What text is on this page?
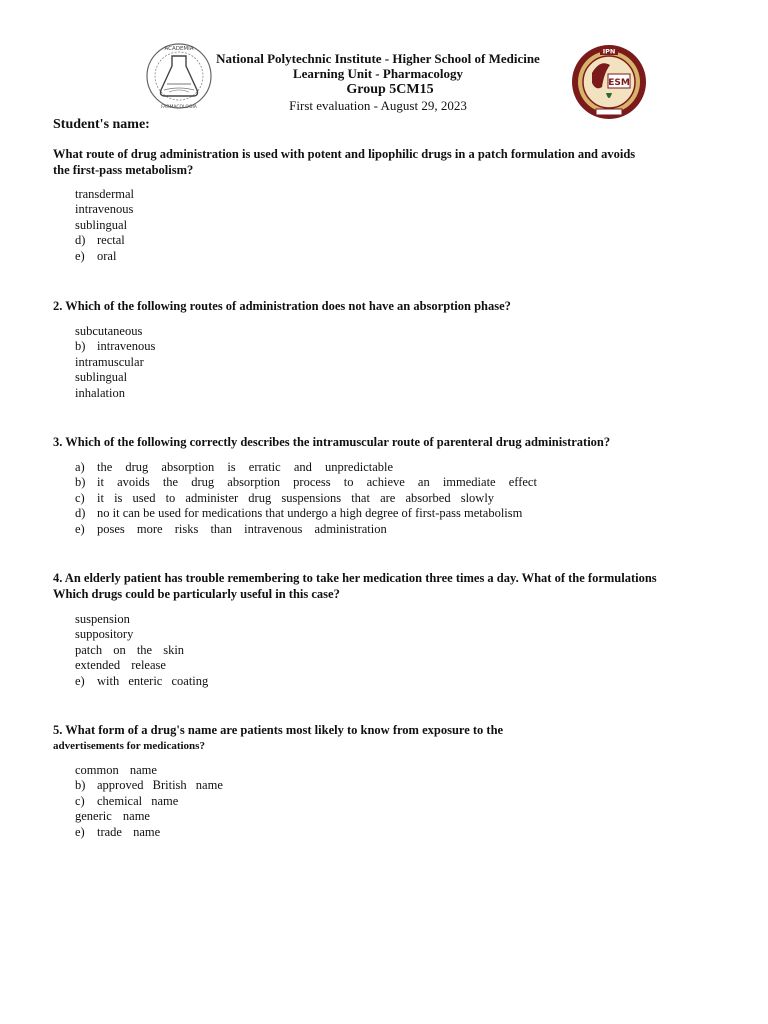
ACADEMIA
FARMACOLOGIA
National Polytechnic Institute - Higher School of Medicine
Learning Unit - Pharmacology
Group 5CM15
First evaluation - August 29, 2023
IPN
ESM
Student's name:
What route of drug administration is used with potent and lipophilic drugs in a patch formulation and avoids
the first-pass metabolism?
transdermal
intravenous
sublingual
d) rectal
e) oral
2. Which of the following routes of administration does not have an absorption phase?
subcutaneous
b) intravenous
intramuscular
sublingual
inhalation
3. Which of the following correctly describes the intramuscular route of parenteral drug administration?
a) the drug absorption is erratic and unpredictable
b) it avoids the drug absorption process to achieve an immediate effect
c) it is used to administer drug suspensions that are absorbed slowly
d) no it can be used for medications that undergo a high degree of first-pass metabolism
e) poses more risks than intravenous administration
4. An elderly patient has trouble remembering to take her medication three times a day. What of the formulations
Which drugs could be particularly useful in this case?
suspension
suppository
patch on the skin
extended release
e) with enteric coating
5. What form of a drug's name are patients most likely to know from exposure to the
advertisements for medications?
common name
b) approved British name
c) chemical name
generic name
e) trade name
